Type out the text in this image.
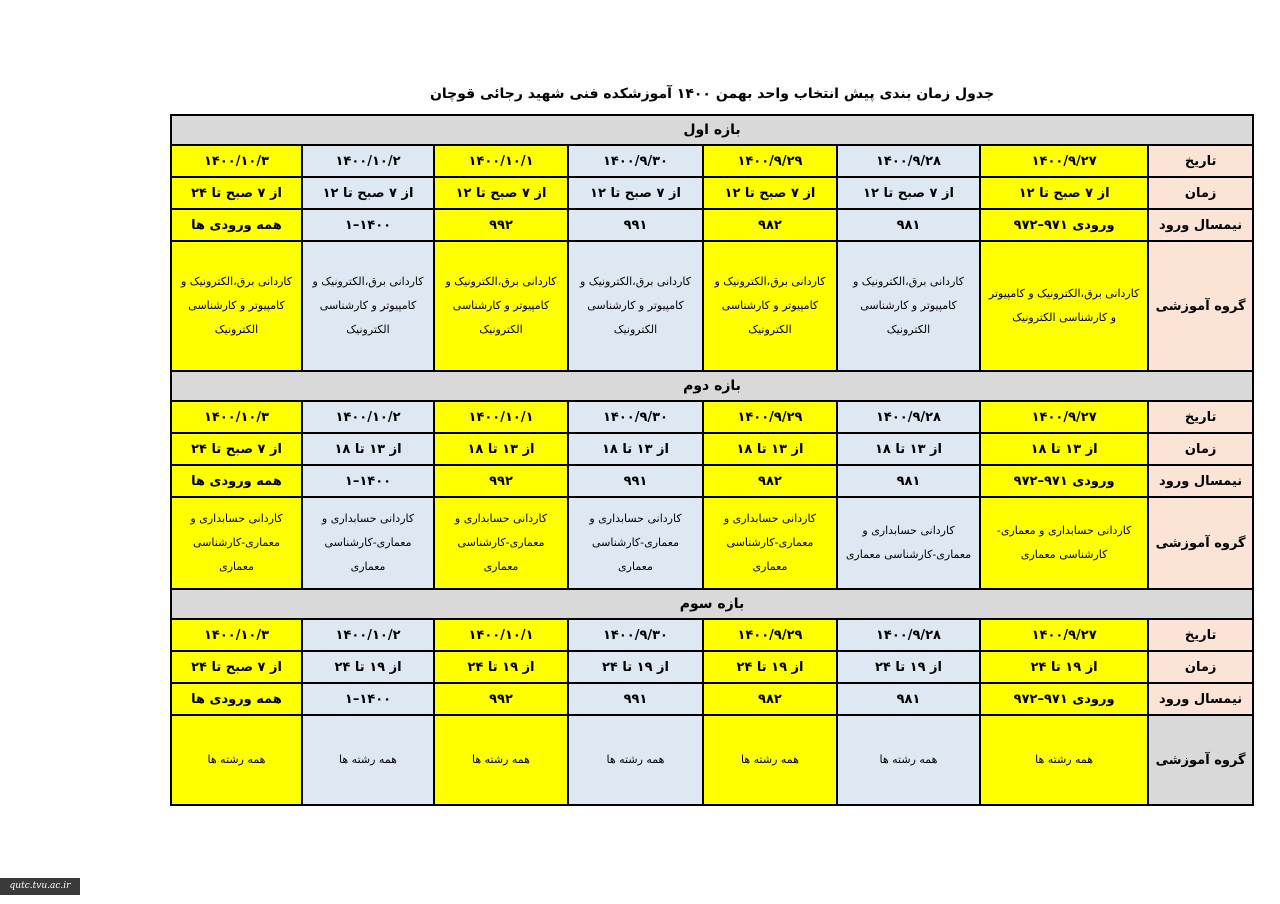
جدول زمان بندی پیش انتخاب واحد بهمن ۱۴۰۰ آموزشکده فنی شهید رجائی قوچان
بازه اول							
تاریخ	۱۴۰۰/۹/۲۷	۱۴۰۰/۹/۲۸	۱۴۰۰/۹/۲۹	۱۴۰۰/۹/۳۰	۱۴۰۰/۱۰/۱	۱۴۰۰/۱۰/۲	۱۴۰۰/۱۰/۳
زمان	از ۷ صبح تا ۱۲	از ۷ صبح تا ۱۲	از ۷ صبح تا ۱۲	از ۷ صبح تا ۱۲	از ۷ صبح تا ۱۲	از ۷ صبح تا ۱۲	از ۷ صبح تا ۲۴
نیمسال ورود	ورودی ۹۷۱–۹۷۲	۹۸۱	۹۸۲	۹۹۱	۹۹۲	۱۴۰۰–۱	همه ورودی ها
گروه آموزشی	کاردانی برق،الکترونیک و کامپیوتر و کارشناسی الکترونیک	کاردانی برق،الکترونیک و کامپیوتر و کارشناسی الکترونیک	کاردانی برق،الکترونیک و کامپیوتر و کارشناسی الکترونیک	کاردانی برق،الکترونیک و کامپیوتر و کارشناسی الکترونیک	کاردانی برق،الکترونیک و کامپیوتر و کارشناسی الکترونیک	کاردانی برق،الکترونیک و کامپیوتر و کارشناسی الکترونیک	کاردانی برق،الکترونیک و کامپیوتر و کارشناسی الکترونیک
بازه دوم							
تاریخ	۱۴۰۰/۹/۲۷	۱۴۰۰/۹/۲۸	۱۴۰۰/۹/۲۹	۱۴۰۰/۹/۳۰	۱۴۰۰/۱۰/۱	۱۴۰۰/۱۰/۲	۱۴۰۰/۱۰/۳
زمان	از ۱۳ تا ۱۸	از ۱۳ تا ۱۸	از ۱۳ تا ۱۸	از ۱۳ تا ۱۸	از ۱۳ تا ۱۸	از ۱۳ تا ۱۸	از ۷ صبح تا ۲۴
نیمسال ورود	ورودی ۹۷۱–۹۷۲	۹۸۱	۹۸۲	۹۹۱	۹۹۲	۱۴۰۰–۱	همه ورودی ها
گروه آموزشی	کاردانی حسابداری و معماری- کارشناسی معماری	کاردانی حسابداری و معماری-کارشناسی معماری	کاردانی حسابداری و معماری-کارشناسی معماری	کاردانی حسابداری و معماری-کارشناسی معماری	کاردانی حسابداری و معماری-کارشناسی معماری	کاردانی حسابداری و معماری-کارشناسی معماری	کاردانی حسابداری و معماری-کارشناسی معماری
بازه سوم							
تاریخ	۱۴۰۰/۹/۲۷	۱۴۰۰/۹/۲۸	۱۴۰۰/۹/۲۹	۱۴۰۰/۹/۳۰	۱۴۰۰/۱۰/۱	۱۴۰۰/۱۰/۲	۱۴۰۰/۱۰/۳
زمان	از ۱۹ تا ۲۴	از ۱۹ تا ۲۴	از ۱۹ تا ۲۴	از ۱۹ تا ۲۴	از ۱۹ تا ۲۴	از ۱۹ تا ۲۴	از ۷ صبح تا ۲۴
نیمسال ورود	ورودی ۹۷۱–۹۷۲	۹۸۱	۹۸۲	۹۹۱	۹۹۲	۱۴۰۰–۱	همه ورودی ها
گروه آموزشی	همه رشته ها	همه رشته ها	همه رشته ها	همه رشته ها	همه رشته ها	همه رشته ها	همه رشته ها
qutc.tvu.ac.ir
